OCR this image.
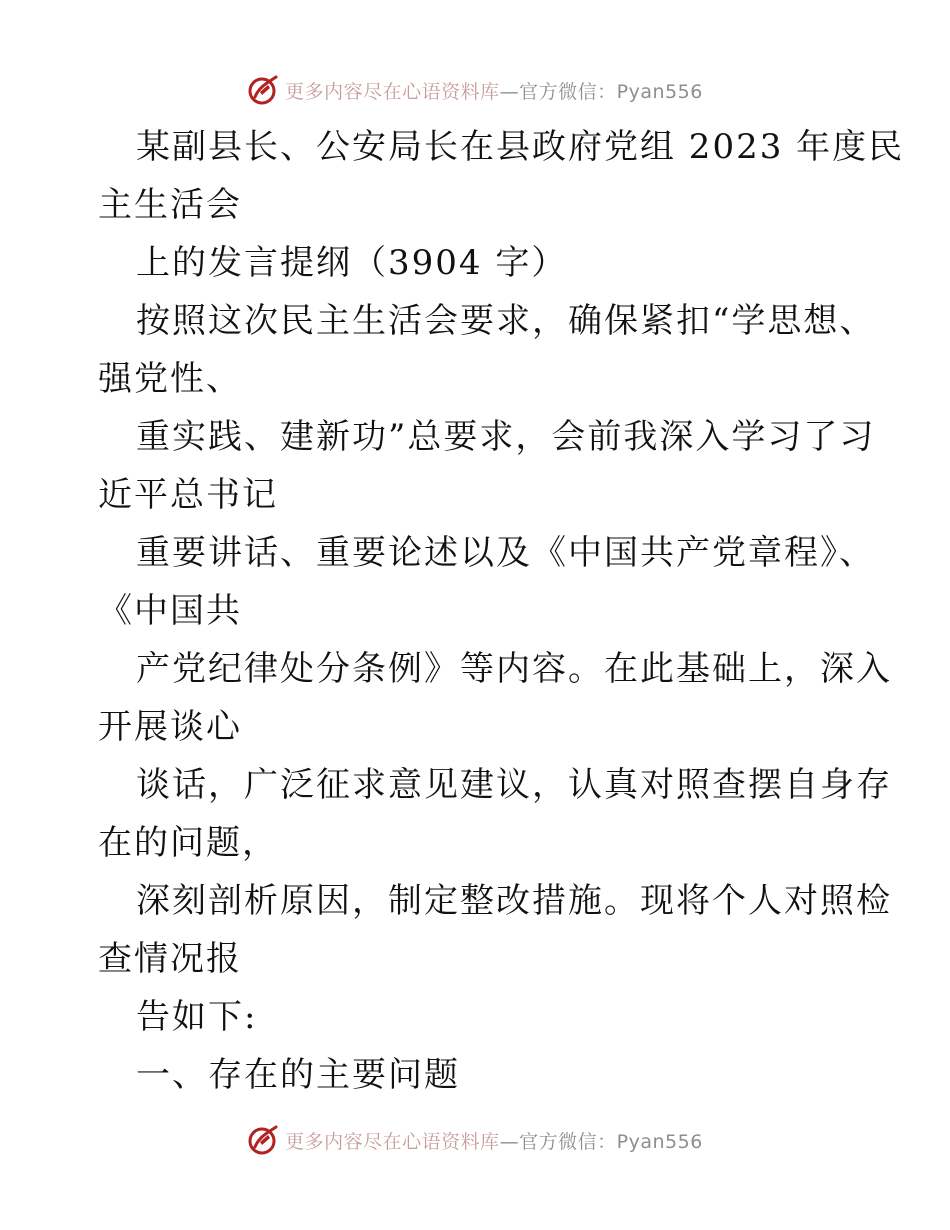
更多内容尽在心语资料库—官方微信：Pyan556
某副县长、公安局长在县政府党组 2023 年度民
主生活会
上的发言提纲（3904 字）
按照这次民主生活会要求，确保紧扣“学思想、
强党性、
重实践、建新功”总要求，会前我深入学习了习
近平总书记
重要讲话、重要论述以及《中国共产党章程》、
《中国共
产党纪律处分条例》等内容。在此基础上，深入
开展谈心
谈话，广泛征求意见建议，认真对照查摆自身存
在的问题，
深刻剖析原因，制定整改措施。现将个人对照检
查情况报
告如下:
一、存在的主要问题
更多内容尽在心语资料库—官方微信：Pyan556
